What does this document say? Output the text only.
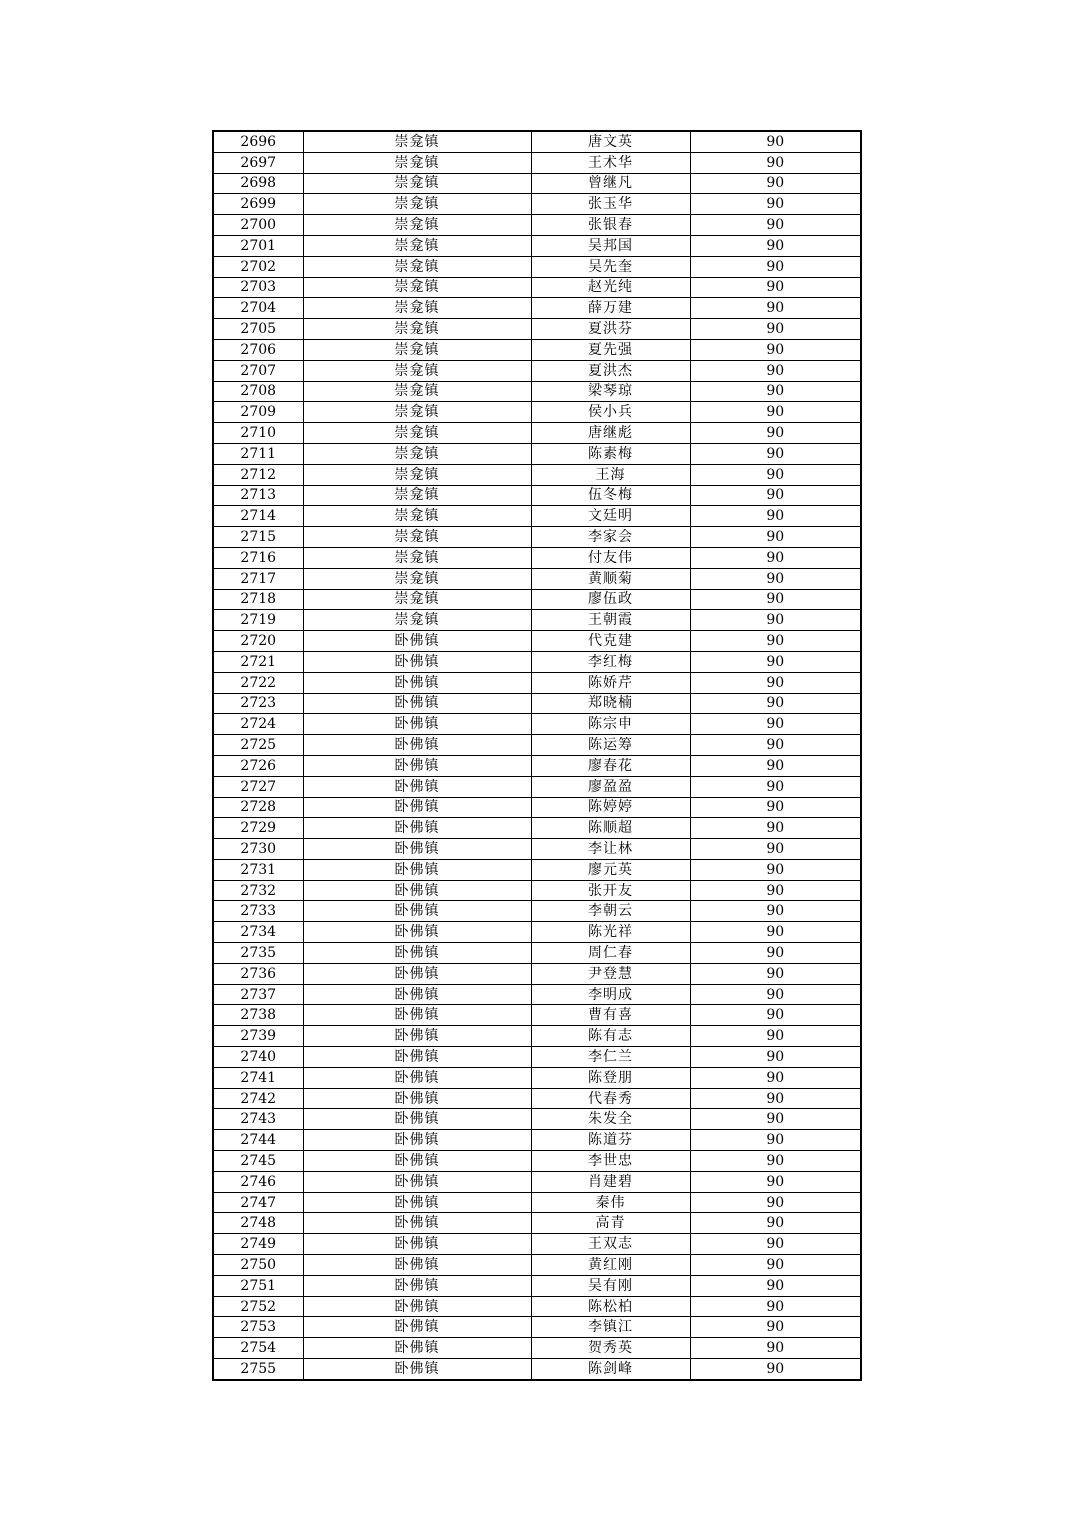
2696	崇龛镇	唐文英	90
2697	崇龛镇	王术华	90
2698	崇龛镇	曾继凡	90
2699	崇龛镇	张玉华	90
2700	崇龛镇	张银春	90
2701	崇龛镇	吴邦国	90
2702	崇龛镇	吴先奎	90
2703	崇龛镇	赵光纯	90
2704	崇龛镇	薛万建	90
2705	崇龛镇	夏洪芬	90
2706	崇龛镇	夏先强	90
2707	崇龛镇	夏洪杰	90
2708	崇龛镇	梁琴琼	90
2709	崇龛镇	侯小兵	90
2710	崇龛镇	唐继彪	90
2711	崇龛镇	陈素梅	90
2712	崇龛镇	王海	90
2713	崇龛镇	伍冬梅	90
2714	崇龛镇	文廷明	90
2715	崇龛镇	李家会	90
2716	崇龛镇	付友伟	90
2717	崇龛镇	黄顺菊	90
2718	崇龛镇	廖伍政	90
2719	崇龛镇	王朝霞	90
2720	卧佛镇	代克建	90
2721	卧佛镇	李红梅	90
2722	卧佛镇	陈娇芹	90
2723	卧佛镇	郑晓楠	90
2724	卧佛镇	陈宗申	90
2725	卧佛镇	陈运筹	90
2726	卧佛镇	廖春花	90
2727	卧佛镇	廖盈盈	90
2728	卧佛镇	陈婷婷	90
2729	卧佛镇	陈顺超	90
2730	卧佛镇	李让林	90
2731	卧佛镇	廖元英	90
2732	卧佛镇	张开友	90
2733	卧佛镇	李朝云	90
2734	卧佛镇	陈光祥	90
2735	卧佛镇	周仁春	90
2736	卧佛镇	尹登慧	90
2737	卧佛镇	李明成	90
2738	卧佛镇	曹有喜	90
2739	卧佛镇	陈有志	90
2740	卧佛镇	李仁兰	90
2741	卧佛镇	陈登朋	90
2742	卧佛镇	代春秀	90
2743	卧佛镇	朱发全	90
2744	卧佛镇	陈道芬	90
2745	卧佛镇	李世忠	90
2746	卧佛镇	肖建碧	90
2747	卧佛镇	秦伟	90
2748	卧佛镇	高青	90
2749	卧佛镇	王双志	90
2750	卧佛镇	黄红刚	90
2751	卧佛镇	吴有刚	90
2752	卧佛镇	陈松柏	90
2753	卧佛镇	李镇江	90
2754	卧佛镇	贺秀英	90
2755	卧佛镇	陈剑峰	90
